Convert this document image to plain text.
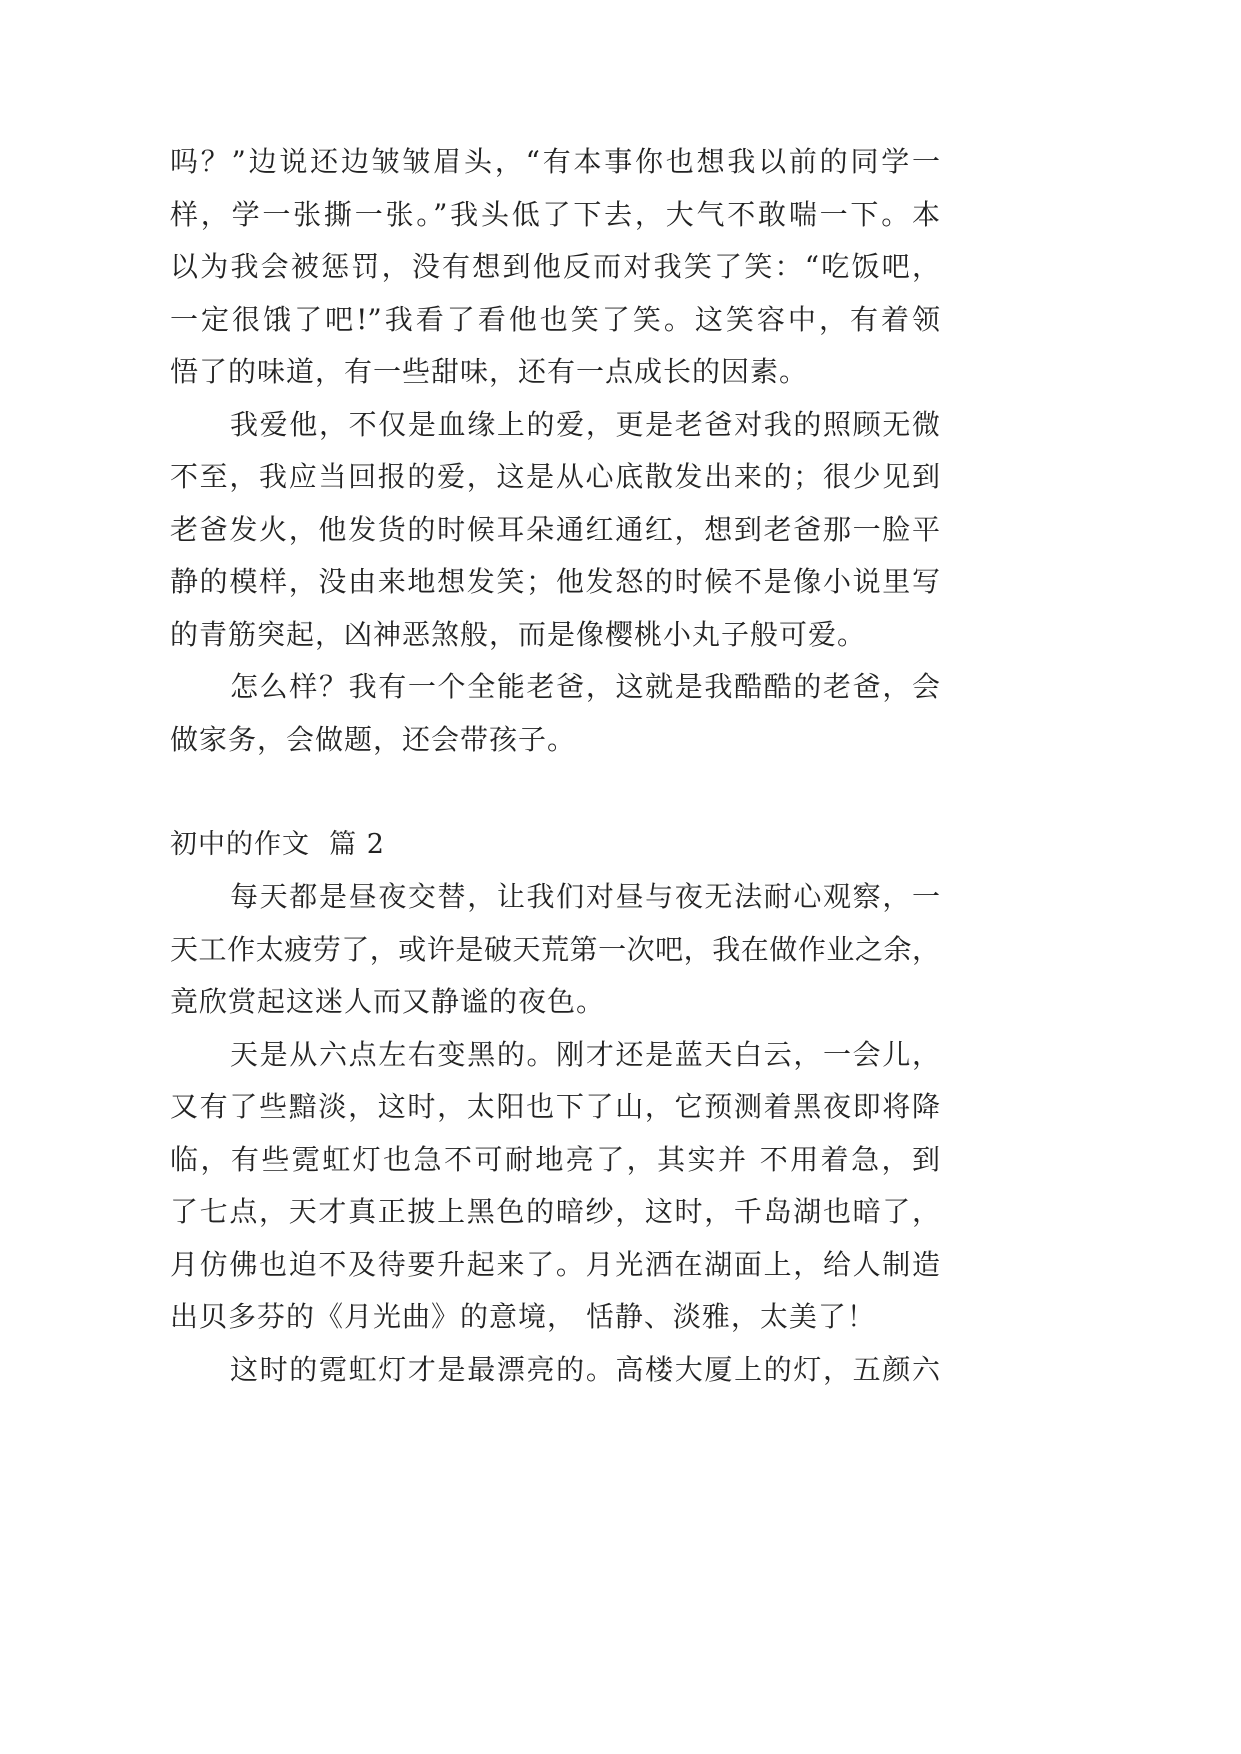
吗？”边说还边皱皱眉头，“有本事你也想我以前的同学一
样，学一张撕一张。”我头低了下去，大气不敢喘一下。本
以为我会被惩罚，没有想到他反而对我笑了笑：“吃饭吧，
一定很饿了吧!”我看了看他也笑了笑。这笑容中，有着领
悟了的味道，有一些甜味，还有一点成长的因素。
我爱他，不仅是血缘上的爱，更是老爸对我的照顾无微
不至，我应当回报的爱，这是从心底散发出来的；很少见到
老爸发火，他发货的时候耳朵通红通红，想到老爸那一脸平
静的模样，没由来地想发笑；他发怒的时候不是像小说里写
的青筋突起，凶神恶煞般，而是像樱桃小丸子般可爱。
怎么样？我有一个全能老爸，这就是我酷酷的老爸，会
做家务，会做题，还会带孩子。
初中的作文  篇 2
每天都是昼夜交替，让我们对昼与夜无法耐心观察，一
天工作太疲劳了，或许是破天荒第一次吧，我在做作业之余，
竟欣赏起这迷人而又静谧的夜色。
天是从六点左右变黑的。刚才还是蓝天白云，一会儿，
又有了些黯淡，这时，太阳也下了山，它预测着黑夜即将降
临，有些霓虹灯也急不可耐地亮了，其实并 不用着急，到
了七点，天才真正披上黑色的暗纱，这时，千岛湖也暗了，
月仿佛也迫不及待要升起来了。月光洒在湖面上，给人制造
出贝多芬的《月光曲》的意境， 恬静、淡雅，太美了！
这时的霓虹灯才是最漂亮的。高楼大厦上的灯，五颜六
